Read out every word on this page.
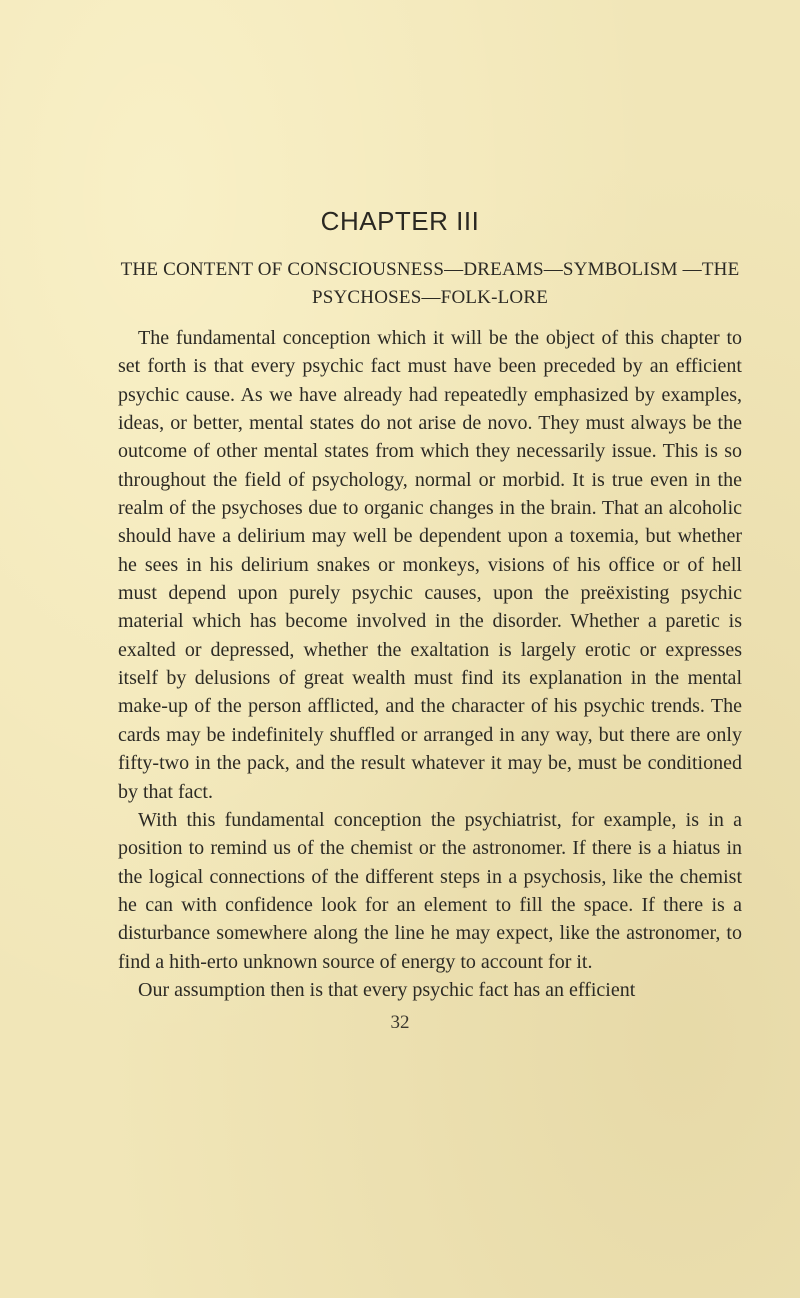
CHAPTER III
THE CONTENT OF CONSCIOUSNESS—DREAMS—SYMBOLISM —THE PSYCHOSES—FOLK-LORE

The fundamental conception which it will be the object of this chapter to set forth is that every psychic fact must have been preceded by an efficient psychic cause. As we have already had repeatedly emphasized by examples, ideas, or better, mental states do not arise de novo. They must always be the outcome of other mental states from which they necessarily issue. This is so throughout the field of psychology, normal or morbid. It is true even in the realm of the psychoses due to organic changes in the brain. That an alcoholic should have a delirium may well be dependent upon a toxemia, but whether he sees in his delirium snakes or monkeys, visions of his office or of hell must depend upon purely psychic causes, upon the preëxisting psychic material which has become involved in the disorder. Whether a paretic is exalted or depressed, whether the exaltation is largely erotic or expresses itself by delusions of great wealth must find its explanation in the mental make-up of the person afflicted, and the character of his psychic trends. The cards may be indefinitely shuffled or arranged in any way, but there are only fifty-two in the pack, and the result whatever it may be, must be conditioned by that fact.

With this fundamental conception the psychiatrist, for example, is in a position to remind us of the chemist or the astronomer. If there is a hiatus in the logical connections of the different steps in a psychosis, like the chemist he can with confidence look for an element to fill the space. If there is a disturbance somewhere along the line he may expect, like the astronomer, to find a hith-erto unknown source of energy to account for it.

Our assumption then is that every psychic fact has an efficient

32
